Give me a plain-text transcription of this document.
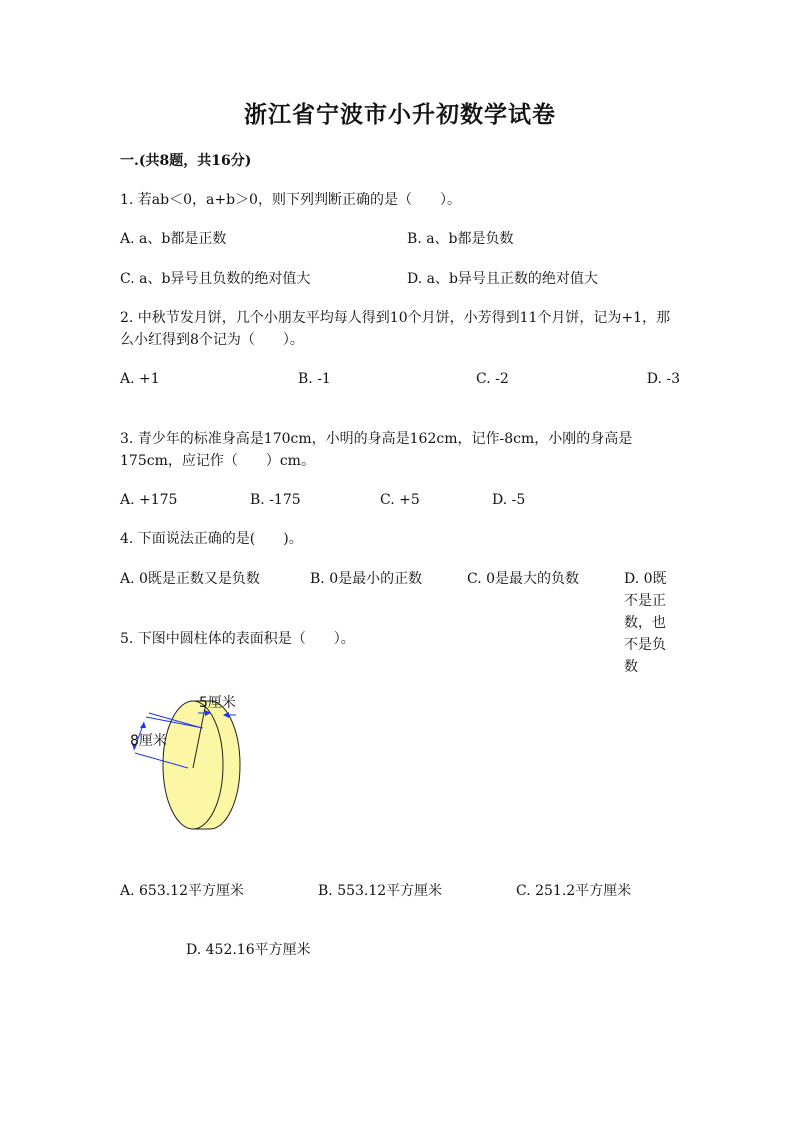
浙江省宁波市小升初数学试卷
一.(共8题，共16分)
1. 若ab＜0，a+b＞0，则下列判断正确的是（　　）。
A. a、b都是正数	B. a、b都是负数
C. a、b异号且负数的绝对值大	D. a、b异号且正数的绝对值大
2. 中秋节发月饼，几个小朋友平均每人得到10个月饼，小芳得到11个月饼，记为+1，那么小红得到8个记为（　　）。
A. +1	B. -1	C. -2	D. -3
3. 青少年的标准身高是170cm，小明的身高是162cm，记作-8cm，小刚的身高是175cm，应记作（　　）cm。
A. +175	B. -175	C. +5	D. -5
4. 下面说法正确的是(　　)。
A. 0既是正数又是负数	B. 0是最小的正数	C. 0是最大的负数	D. 0既不是正数，也不是负数
5. 下图中圆柱体的表面积是（　　）。
5厘米
8厘米
A. 653.12平方厘米	B. 553.12平方厘米	C. 251.2平方厘米
D. 452.16平方厘米
